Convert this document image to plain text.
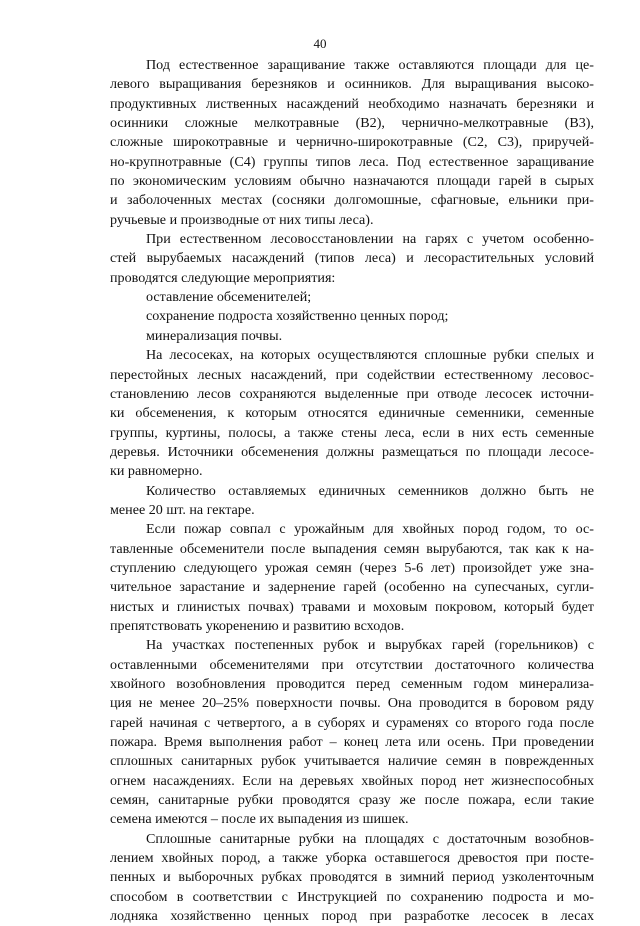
40
Под естественное заращивание также оставляются площади для це-
левого выращивания березняков и осинников. Для выращивания высоко-
продуктивных лиственных насаждений необходимо назначать березняки и
осинники сложные мелкотравные (В2), чернично-мелкотравные (В3),
сложные широкотравные и чернично-широкотравные (С2, С3), приручей-
но-крупнотравные (С4) группы типов леса. Под естественное заращивание
по экономическим условиям обычно назначаются площади гарей в сырых
и заболоченных местах (сосняки долгомошные, сфагновые, ельники при-
ручьевые и производные от них типы леса).
При естественном лесовосстановлении на гарях с учетом особеннo-
стей вырубаемых насаждений (типов леса) и лесорастительных условий
проводятся следующие мероприятия:
оставление обсеменителей;
сохранение подроста хозяйственно ценных пород;
минерализация почвы.
На лесосеках, на которых осуществляются сплошные рубки спелых и
перестойных лесных насаждений, при содействии естественному лесовос-
становлению лесов сохраняются выделенные при отводе лесосек источни-
ки обсеменения, к которым относятся единичные семенники, семенные
группы, куртины, полосы, а также стены леса, если в них есть семенные
деревья. Источники обсеменения должны размещаться по площади лесосе-
ки равномерно.
Количество оставляемых единичных семенников должно быть не
менее 20 шт. на гектаре.
Если пожар совпал с урожайным для хвойных пород годом, то ос-
тавленные обсеменители после выпадения семян вырубаются, так как к на-
ступлению следующего урожая семян (через 5-6 лет) произойдет уже зна-
чительное зарастание и задернение гарей (особенно на супесчаных, сугли-
нистых и глинистых почвах) травами и моховым покровом, который будет
препятствовать укоренению и развитию всходов.
На участках постепенных рубок и вырубках гарей (горельников) с
оставленными обсеменителями при отсутствии достаточного количества
хвойного возобновления проводится перед семенным годом минерализа-
ция не менее 20–25% поверхности почвы. Она проводится в боровом ряду
гарей начиная с четвертого, а в суборях и сураменях со второго года после
пожара. Время выполнения работ – конец лета или осень. При проведении
сплошных санитарных рубок учитывается наличие семян в поврежденных
огнем насаждениях. Если на деревьях хвойных пород нет жизнеспособных
семян, санитарные рубки проводятся сразу же после пожара, если такие
семена имеются – после их выпадения из шишек.
Сплошные санитарные рубки на площадях с достаточным возобнов-
лением хвойных пород, а также уборка оставшегося древостоя при посте-
пенных и выборочных рубках проводятся в зимний период узколенточным
способом в соответствии с Инструкцией по сохранению подроста и мо-
лодняка хозяйственно ценных пород при разработке лесосек в лесах
